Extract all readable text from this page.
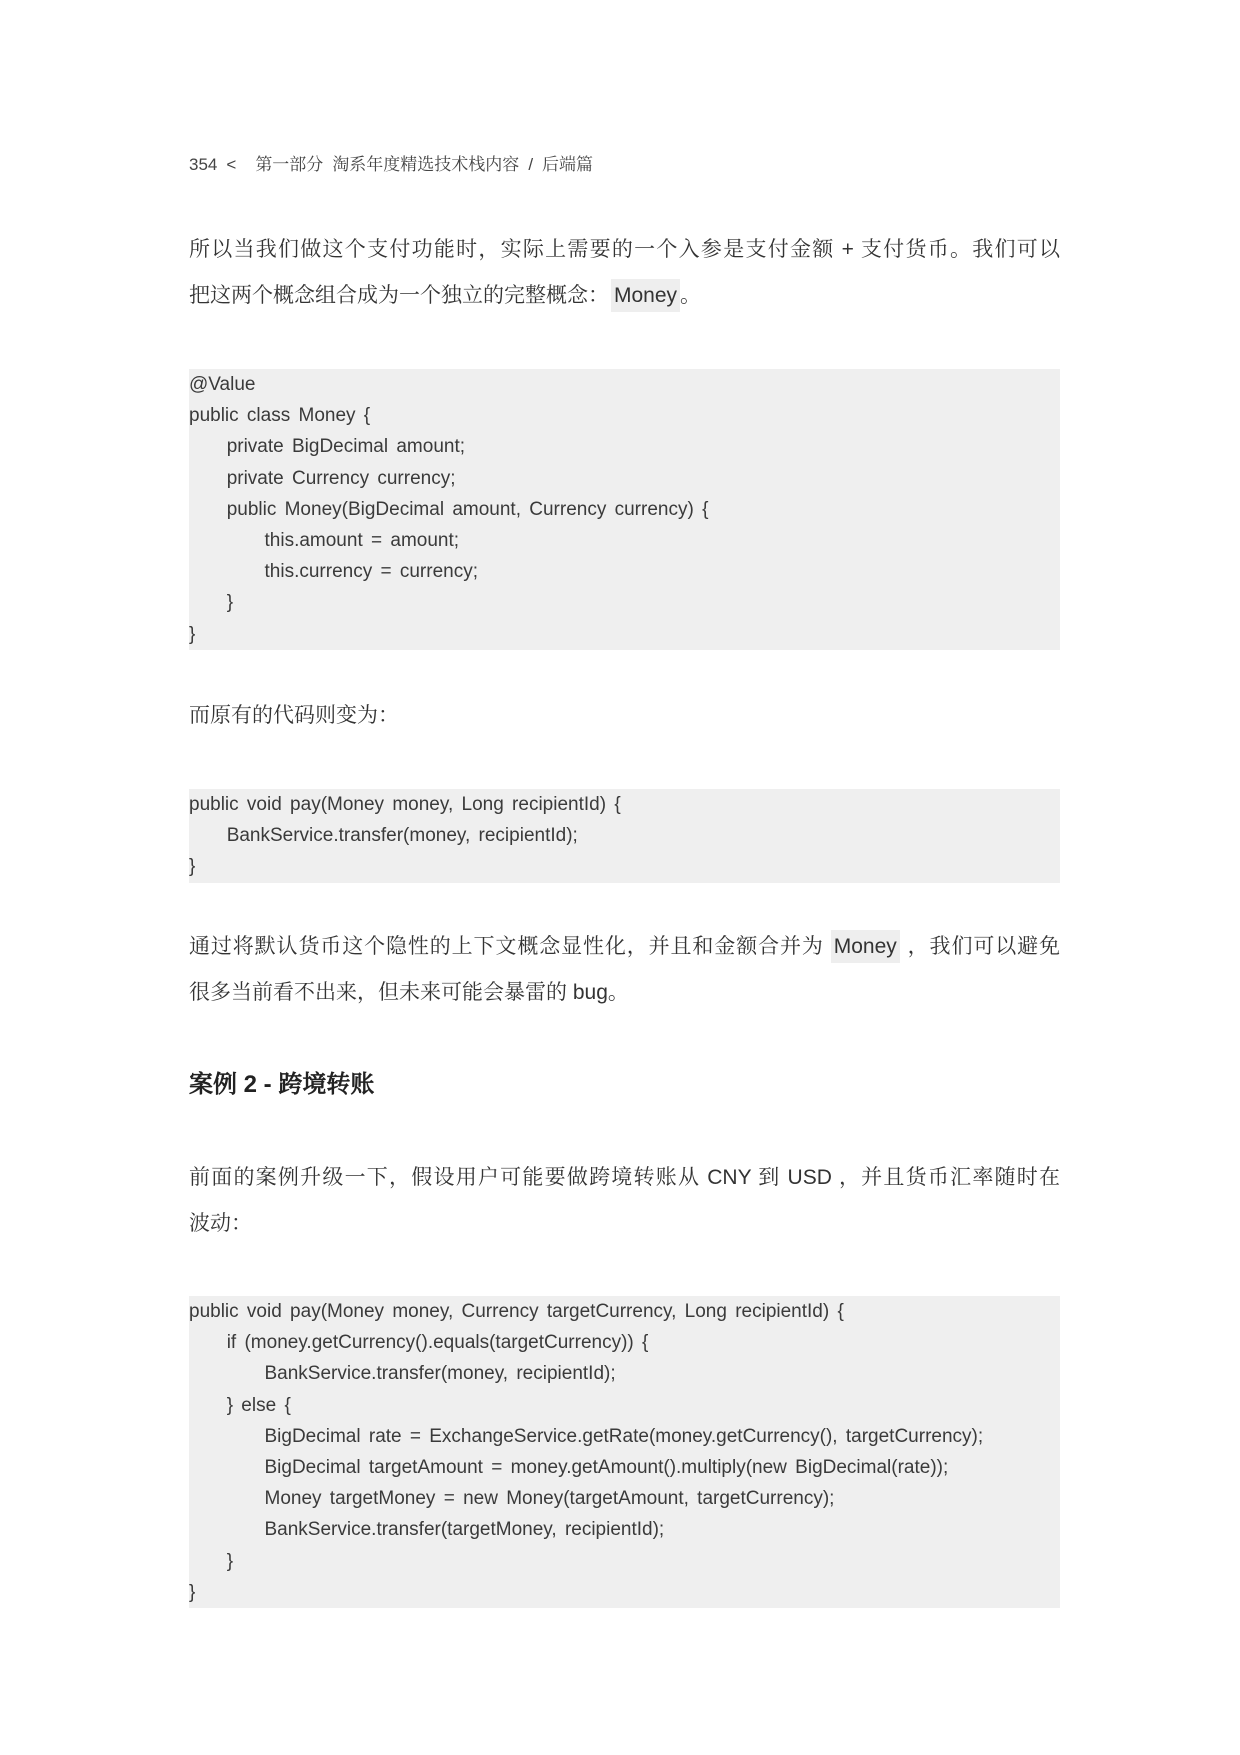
354 < 第一部分 淘系年度精选技术栈内容 / 后端篇
所以当我们做这个支付功能时，实际上需要的一个入参是支付金额 + 支付货币。我们可以
把这两个概念组合成为一个独立的完整概念： Money 。
@Value
public class Money {
private BigDecimal amount;
private Currency currency;
public Money(BigDecimal amount, Currency currency) {
this.amount = amount;
this.currency = currency;
}
}
而原有的代码则变为：
public void pay(Money money, Long recipientId) {
BankService.transfer(money, recipientId);
}
通过将默认货币这个隐性的上下文概念显性化，并且和金额合并为 Money ，我们可以避免
很多当前看不出来，但未来可能会暴雷的 bug。
案例 2 - 跨境转账
前面的案例升级一下，假设用户可能要做跨境转账从 CNY 到 USD ，并且货币汇率随时在
波动：
public void pay(Money money, Currency targetCurrency, Long recipientId) {
if (money.getCurrency().equals(targetCurrency)) {
BankService.transfer(money, recipientId);
} else {
BigDecimal rate = ExchangeService.getRate(money.getCurrency(), targetCurrency);
BigDecimal targetAmount = money.getAmount().multiply(new BigDecimal(rate));
Money targetMoney = new Money(targetAmount, targetCurrency);
BankService.transfer(targetMoney, recipientId);
}
}
